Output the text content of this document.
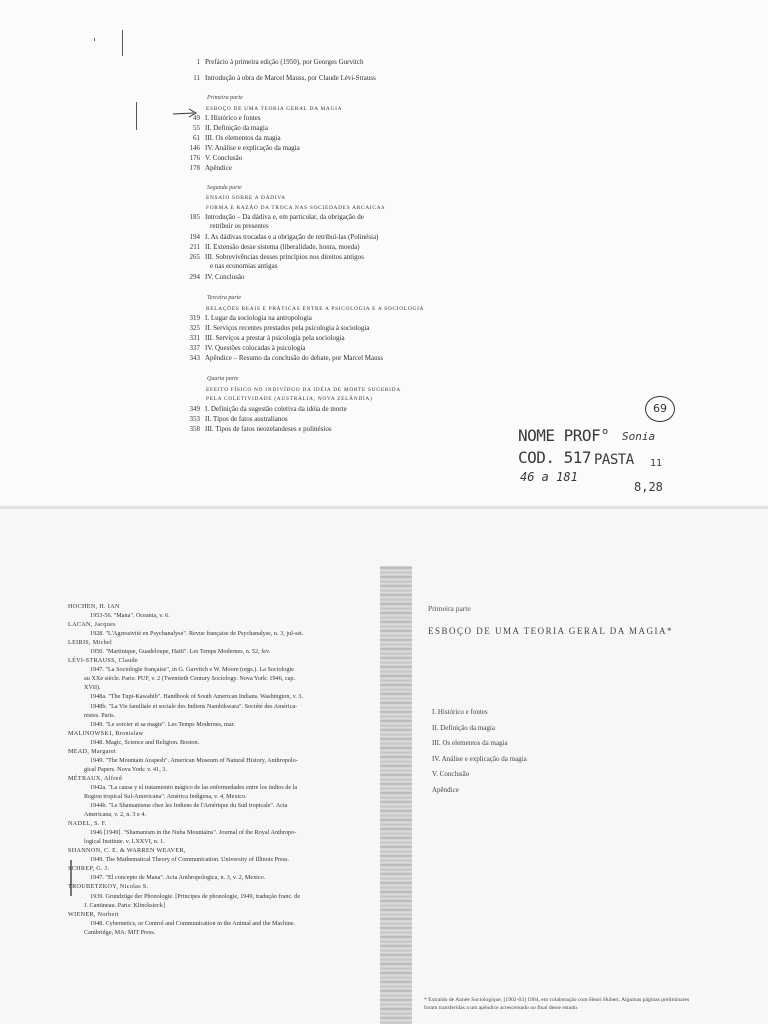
1 Prefácio à primeira edição (1950), por Georges Gurvitch
11 Introdução à obra de Marcel Mauss, por Claude Lévi-Strauss
Primeira parte
ESBOÇO DE UMA TEORIA GERAL DA MAGIA
49 I. Histórico e fontes
55 II. Definição da magia
61 III. Os elementos da magia
146 IV. Análise e explicação da magia
176 V. Conclusão
178 Apêndice
Segunda parte
ENSAIO SOBRE A DÁDIVA
FORMA E RAZÃO DA TROCA NAS SOCIEDADES ARCAICAS
185 Introdução – Da dádiva e, em particular, da obrigação de
retribuir os presentes
194 I. As dádivas trocadas e a obrigação de retribuí-las (Polinésia)
211 II. Extensão desse sistema (liberalidade, honra, moeda)
265 III. Sobrevivências desses princípios nos direitos antigos
e nas economias antigas
294 IV. Conclusão
Terceira parte
RELAÇÕES REAIS E PRÁTICAS ENTRE A PSICOLOGIA E A SOCIOLOGIA
319 I. Lugar da sociologia na antropologia
325 II. Serviços recentes prestados pela psicologia à sociologia
331 III. Serviços a prestar à psicologia pela sociologia
337 IV. Questões colocadas à psicologia
343 Apêndice – Resumo da conclusão do debate, por Marcel Mauss
Quarta parte
EFEITO FÍSICO NO INDIVÍDUO DA IDÉIA DE MORTE SUGERIDA
PELA COLETIVIDADE (AUSTRÁLIA, NOVA ZELÂNDIA)
349 I. Definição da sugestão coletiva da idéia de morte
353 II. Tipos de fatos australianos
358 III. Tipos de fatos neozelandeses e polinésios
69
NOME PROF° Sonia
COD. 517 PASTA 11
46 a 181
8,28
HOCHEN, H. IAN
1953-56. "Mana". Oceania, v. 6.
LACAN, Jacques
1928. "L'Agressivité en Psychanalyse". Revue française de Psychanalyse, n. 3, jul-set.
LEIRIS, Michel
1950. "Martinique, Guadeloupe, Haïti". Les Temps Modernes, n. 52, fev.
LÉVI-STRAUSS, Claude
1947. "La Sociologie française", in G. Gurvitch e W. Moore (orgs.). La Sociologie
au XXe siècle. Paris: PUF, v. 2 (Twentieth Century Sociology. Nova York: 1946, cap.
XVII).
1948a. "The Tupi-Kawahib". Handbook of South American Indians. Washington, v. 3.
1948b. "La Vie familiale et sociale des Indiens Nambikwara". Société des América-
nistes. Paris.
1949. "Le sorcier et sa magie". Les Temps Modernes, mar.
MALINOWSKI, Bronislaw
1948. Magic, Science and Religion. Boston.
MEAD, Margaret
1949. "The Mountain Arapesh". American Museum of Natural History, Anthropolo-
gical Papers. Nova York: v. 41, 3.
MÉTRAUX, Alfred
1942a. "La causa y el tratamiento mágico de las enfermedades entre los indios de la
Region tropical Sul-Americana". América Indígena, v. 4, Mexico.
1944b. "Le Shamanisme chez les Indiens de l'Amérique du Sud tropicale". Acta
Americana, v. 2, n. 3 e 4.
NADEL, S. F.
1946 [1949]. "Shamanism in the Nuba Mountains". Journal of the Royal Anthropo-
logical Institute. v. LXXVI, n. 1.
SHANNON, C. E. & WARREN WEAVER,
1949. The Mathematical Theory of Communication. University of Illinois Press.
SCHREP, G. J.
1947. "El concepto de Mana". Acta Anthropologica, n. 3, v. 2, Mexico.
TROUBETZKOY, Nicolas S.
1939. Grundzüge der Phonologie. [Principes de phonologie, 1949, tradução franc. de
J. Cantineau. Paris: Klincksieck]
WIENER, Norbert
1948. Cybernetics, or Control and Communication in the Animal and the Machine.
Cambridge, MA: MIT Press.
Primeira parte
ESBOÇO DE UMA TEORIA GERAL DA MAGIA*
I. Histórico e fontes
II. Definição da magia
III. Os elementos da magia
IV. Análise e explicação da magia
V. Conclusão
Apêndice
* Extraído de Année Sociologique, [1902-03] 1904, em colaboração com Henri Hubert. Algumas páginas preliminares foram transferidas a um apêndice acrescentado no final desse estudo.
